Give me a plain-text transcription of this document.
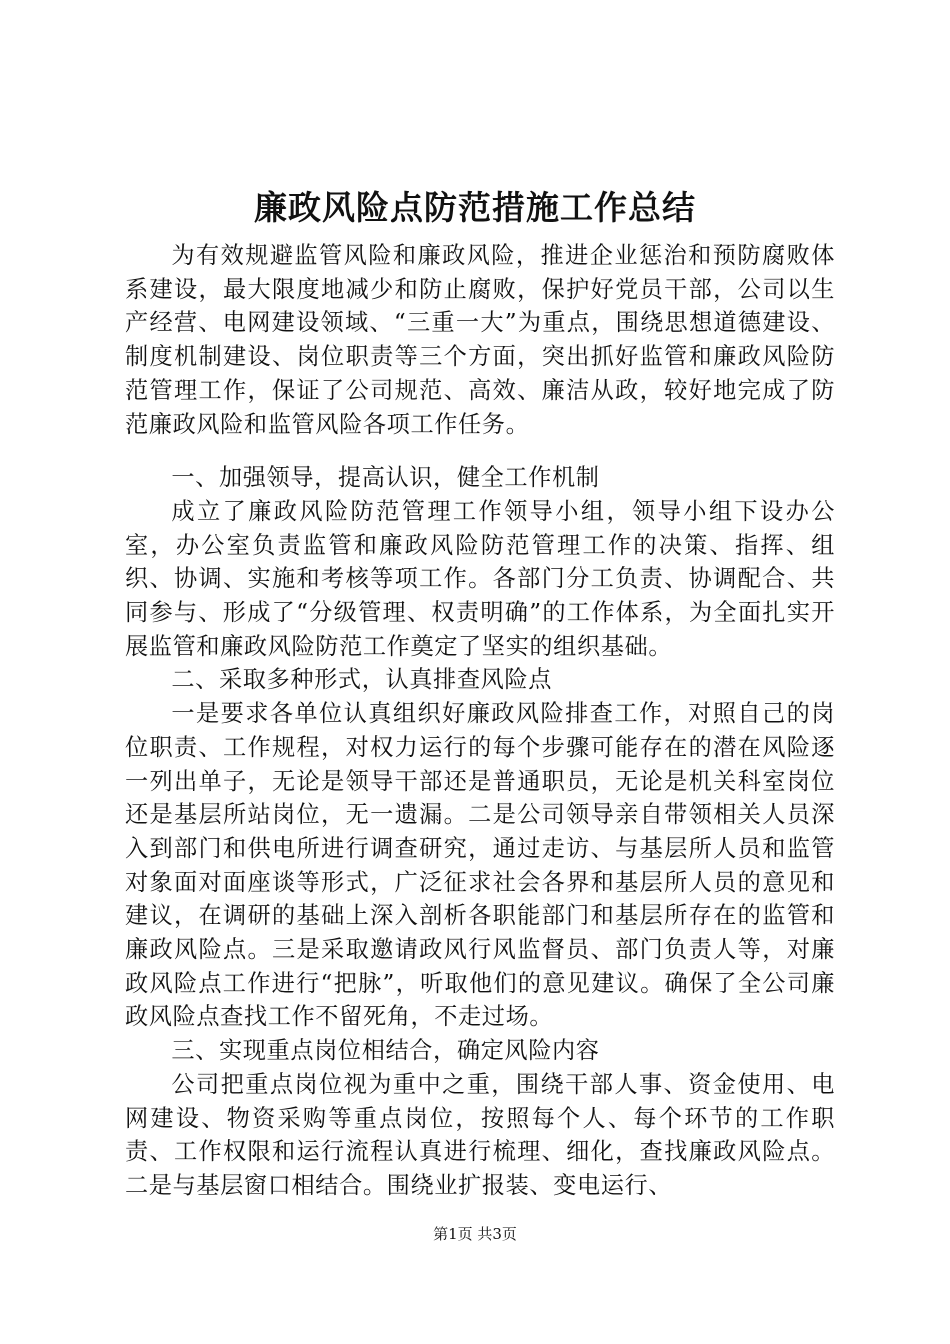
廉政风险点防范措施工作总结

为有效规避监管风险和廉政风险，推进企业惩治和预防腐败体系建设，最大限度地减少和防止腐败，保护好党员干部，公司以生产经营、电网建设领域、“三重一大”为重点，围绕思想道德建设、制度机制建设、岗位职责等三个方面，突出抓好监管和廉政风险防范管理工作，保证了公司规范、高效、廉洁从政，较好地完成了防范廉政风险和监管风险各项工作任务。

一、加强领导，提高认识，健全工作机制

成立了廉政风险防范管理工作领导小组，领导小组下设办公室，办公室负责监管和廉政风险防范管理工作的决策、指挥、组织、协调、实施和考核等项工作。各部门分工负责、协调配合、共同参与、形成了“分级管理、权责明确”的工作体系，为全面扎实开展监管和廉政风险防范工作奠定了坚实的组织基础。

二、采取多种形式，认真排查风险点

一是要求各单位认真组织好廉政风险排查工作，对照自己的岗位职责、工作规程，对权力运行的每个步骤可能存在的潜在风险逐一列出单子，无论是领导干部还是普通职员，无论是机关科室岗位还是基层所站岗位，无一遗漏。二是公司领导亲自带领相关人员深入到部门和供电所进行调查研究，通过走访、与基层所人员和监管对象面对面座谈等形式，广泛征求社会各界和基层所人员的意见和建议，在调研的基础上深入剖析各职能部门和基层所存在的监管和廉政风险点。三是采取邀请政风行风监督员、部门负责人等，对廉政风险点工作进行“把脉”，听取他们的意见建议。确保了全公司廉政风险点查找工作不留死角，不走过场。

三、实现重点岗位相结合，确定风险内容

公司把重点岗位视为重中之重，围绕干部人事、资金使用、电网建设、物资采购等重点岗位，按照每个人、每个环节的工作职责、工作权限和运行流程认真进行梳理、细化，查找廉政风险点。二是与基层窗口相结合。围绕业扩报装、变电运行、

第1页 共3页
